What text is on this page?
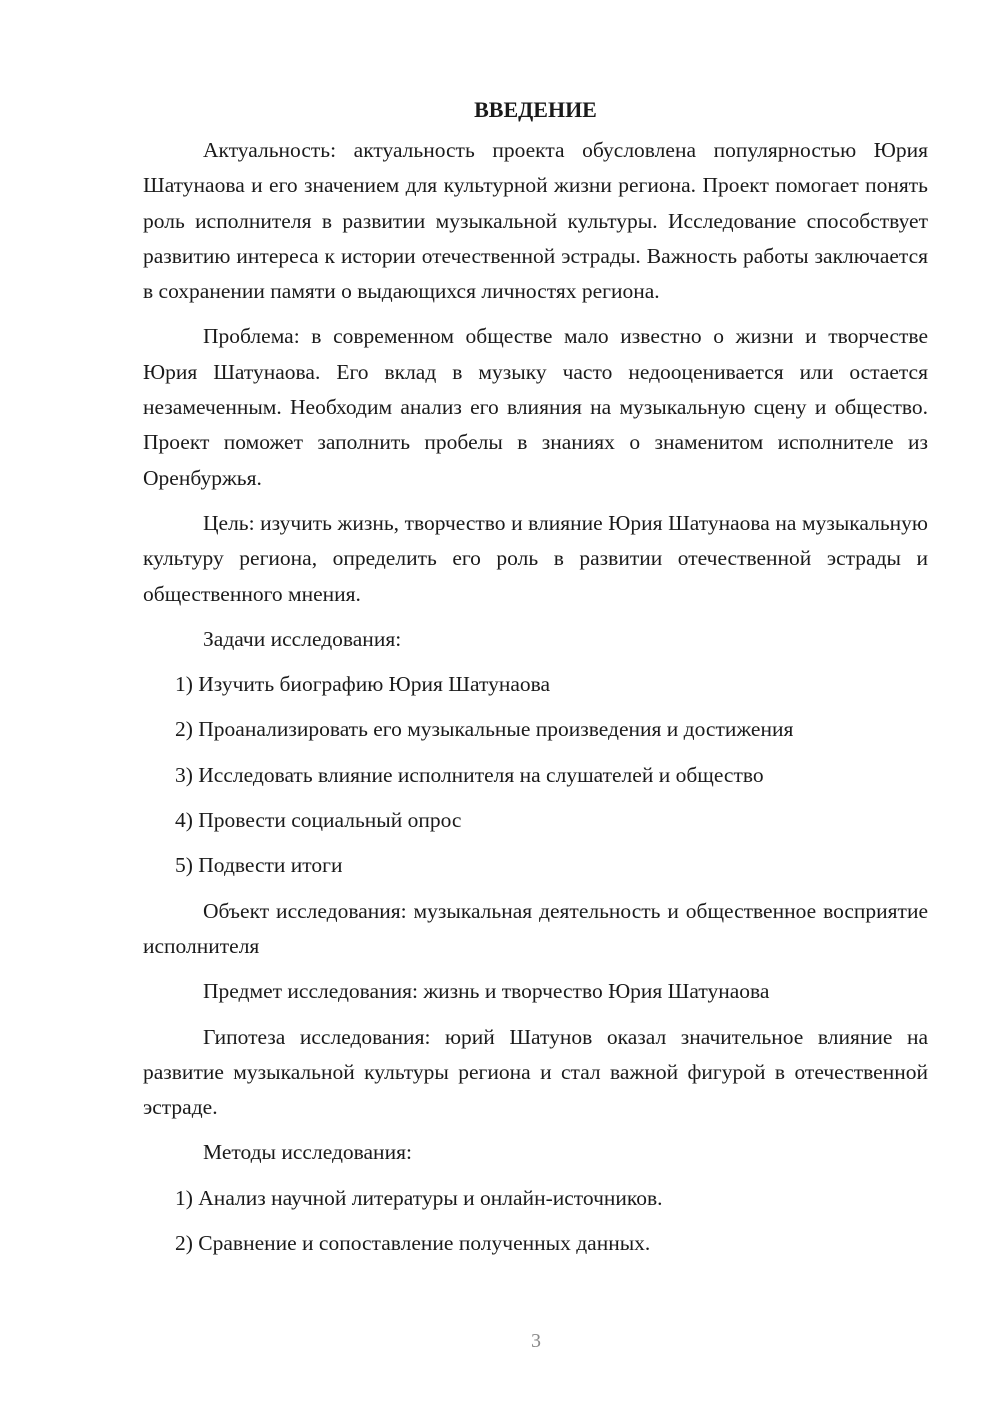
ВВЕДЕНИЕ

Актуальность: актуальность проекта обусловлена популярностью Юрия Шатунаова и его значением для культурной жизни региона. Проект помогает понять роль исполнителя в развитии музыкальной культуры. Исследование способствует развитию интереса к истории отечественной эстрады. Важность работы заключается в сохранении памяти о выдающихся личностях региона.

Проблема: в современном обществе мало известно о жизни и творчестве Юрия Шатунаова. Его вклад в музыку часто недооценивается или остается незамеченным. Необходим анализ его влияния на музыкальную сцену и общество. Проект поможет заполнить пробелы в знаниях о знаменитом исполнителе из Оренбуржья.

Цель: изучить жизнь, творчество и влияние Юрия Шатунаова на музыкальную культуру региона, определить его роль в развитии отечественной эстрады и общественного мнения.

Задачи исследования:

1) Изучить биографию Юрия Шатунаова

2) Проанализировать его музыкальные произведения и достижения

3) Исследовать влияние исполнителя на слушателей и общество

4) Провести социальный опрос

5) Подвести итоги

Объект исследования: музыкальная деятельность и общественное восприятие исполнителя

Предмет исследования: жизнь и творчество Юрия Шатунаова

Гипотеза исследования: юрий Шатунов оказал значительное влияние на развитие музыкальной культуры региона и стал важной фигурой в отечественной эстраде.

Методы исследования:

1) Анализ научной литературы и онлайн-источников.

2) Сравнение и сопоставление полученных данных.

3
